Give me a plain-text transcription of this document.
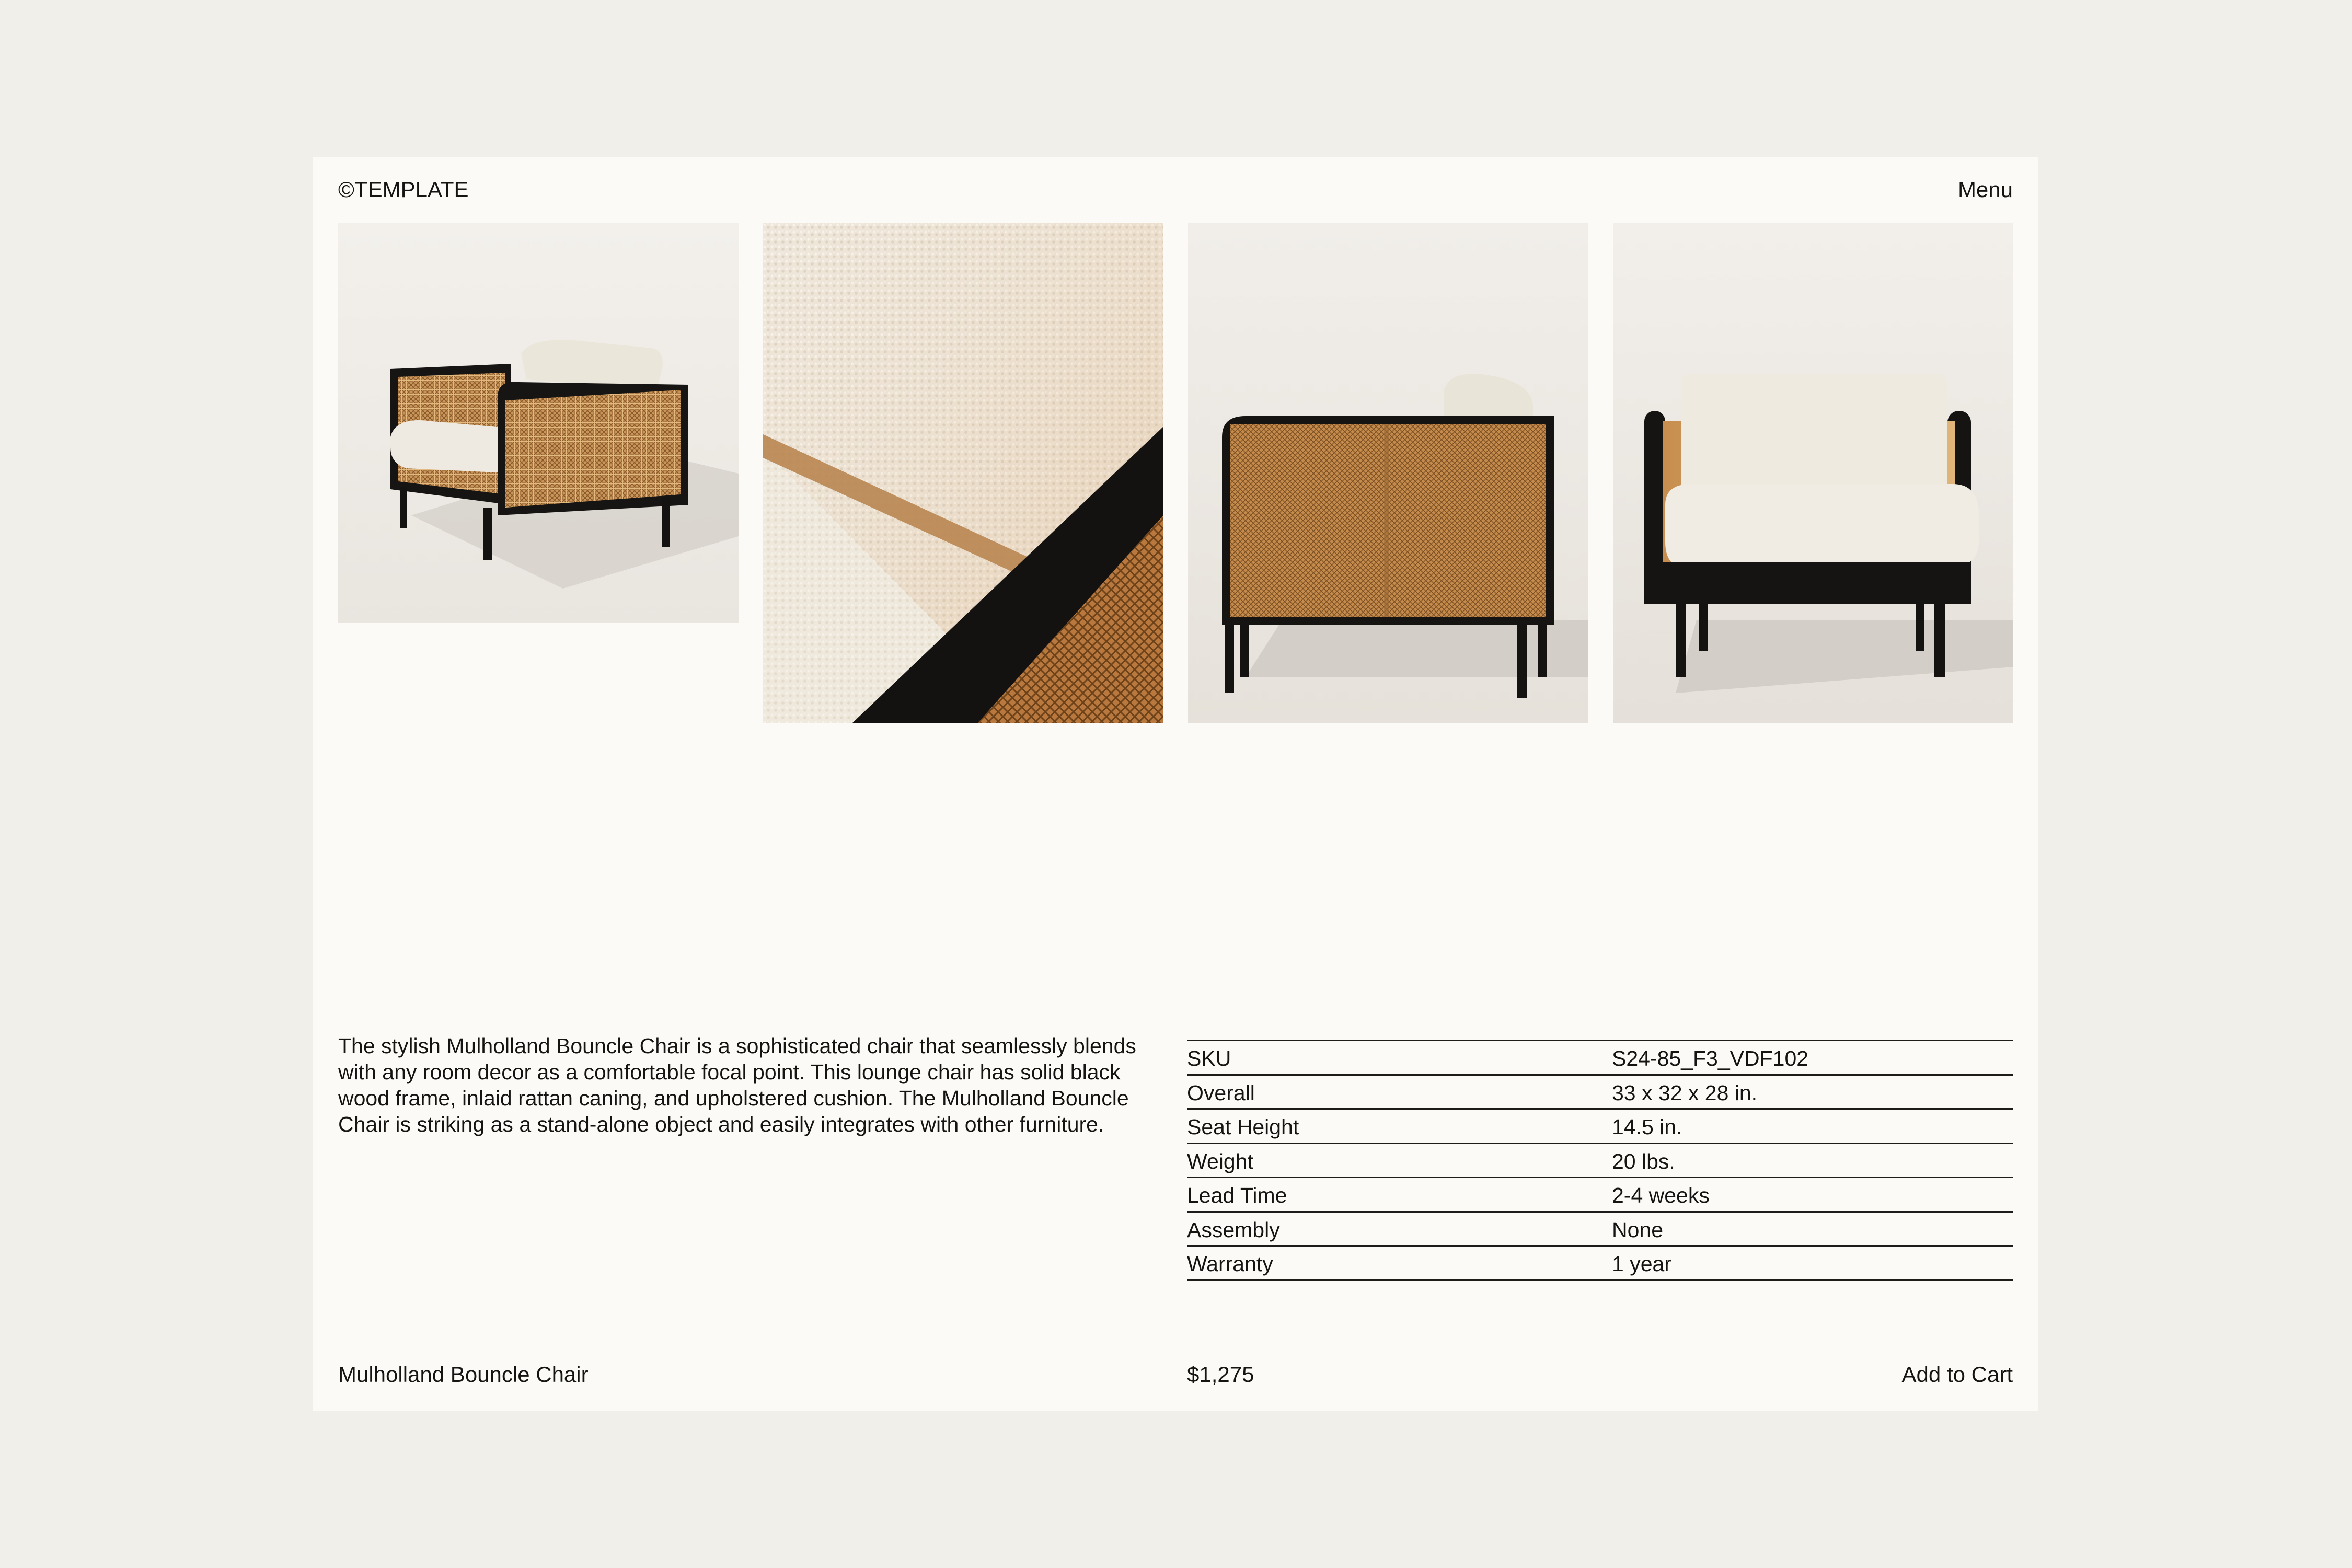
©TEMPLATE	Menu
The stylish Mulholland Bouncle Chair is a sophisticated chair that seamlessly blends with any room decor as a comfortable focal point. This lounge chair has solid black wood frame, inlaid rattan caning, and upholstered cushion. The Mulholland Bouncle Chair is striking as a stand-alone object and easily integrates with other furniture.
SKU	S24-85_F3_VDF102
Overall	33 x 32 x 28 in.
Seat Height	14.5 in.
Weight	20 lbs.
Lead Time	2-4 weeks
Assembly	None
Warranty	1 year
Mulholland Bouncle Chair	$1,275	Add to Cart
